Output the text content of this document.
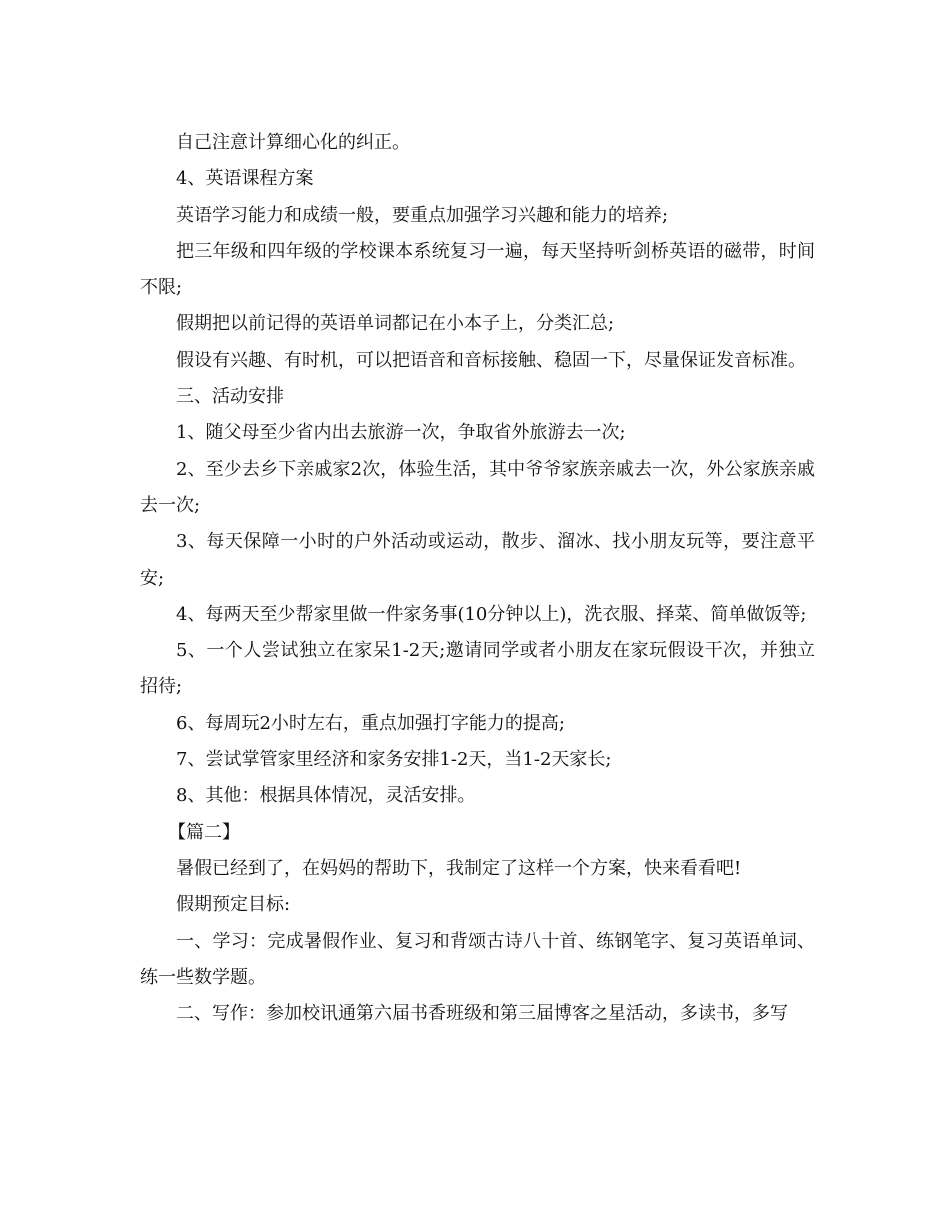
自己注意计算细心化的纠正。

4、英语课程方案

英语学习能力和成绩一般，要重点加强学习兴趣和能力的培养;

把三年级和四年级的学校课本系统复习一遍，每天坚持听剑桥英语的磁带，时间不限;

假期把以前记得的英语单词都记在小本子上，分类汇总;

假设有兴趣、有时机，可以把语音和音标接触、稳固一下，尽量保证发音标准。

三、活动安排

1、随父母至少省内出去旅游一次，争取省外旅游去一次;

2、至少去乡下亲戚家2次，体验生活，其中爷爷家族亲戚去一次，外公家族亲戚去一次;

3、每天保障一小时的户外活动或运动，散步、溜冰、找小朋友玩等，要注意平安;

4、每两天至少帮家里做一件家务事(10分钟以上)，洗衣服、择菜、简单做饭等;

5、一个人尝试独立在家呆1-2天;邀请同学或者小朋友在家玩假设干次，并独立招待;

6、每周玩2小时左右，重点加强打字能力的提高;

7、尝试掌管家里经济和家务安排1-2天，当1-2天家长;

8、其他：根据具体情况，灵活安排。

【篇二】

暑假已经到了，在妈妈的帮助下，我制定了这样一个方案，快来看看吧!

假期预定目标:

一、学习：完成暑假作业、复习和背颂古诗八十首、练钢笔字、复习英语单词、练一些数学题。

二、写作：参加校讯通第六届书香班级和第三届博客之星活动，多读书，多写
